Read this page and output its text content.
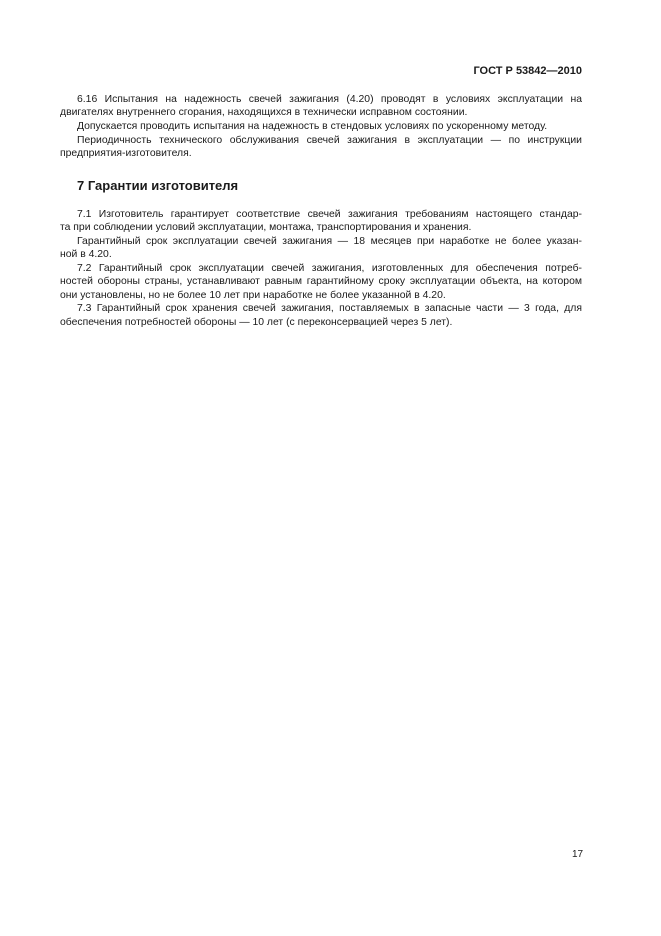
ГОСТ Р 53842—2010
6.16 Испытания на надежность свечей зажигания (4.20) проводят в условиях эксплуатации на
двигателях внутреннего сгорания, находящихся в технически исправном состоянии.
Допускается проводить испытания на надежность в стендовых условиях по ускоренному методу.
Периодичность технического обслуживания свечей зажигания в эксплуатации — по инструкции
предприятия-изготовителя.
7 Гарантии изготовителя
7.1 Изготовитель гарантирует соответствие свечей зажигания требованиям настоящего стандар-
та при соблюдении условий эксплуатации, монтажа, транспортирования и хранения.
Гарантийный срок эксплуатации свечей зажигания — 18 месяцев при наработке не более указан-
ной в 4.20.
7.2 Гарантийный срок эксплуатации свечей зажигания, изготовленных для обеспечения потреб-
ностей обороны страны, устанавливают равным гарантийному сроку эксплуатации объекта, на котором
они установлены, но не более 10 лет при наработке не более указанной в 4.20.
7.3 Гарантийный срок хранения свечей зажигания, поставляемых в запасные части — 3 года, для
обеспечения потребностей обороны — 10 лет (с переконсервацией через 5 лет).
17
